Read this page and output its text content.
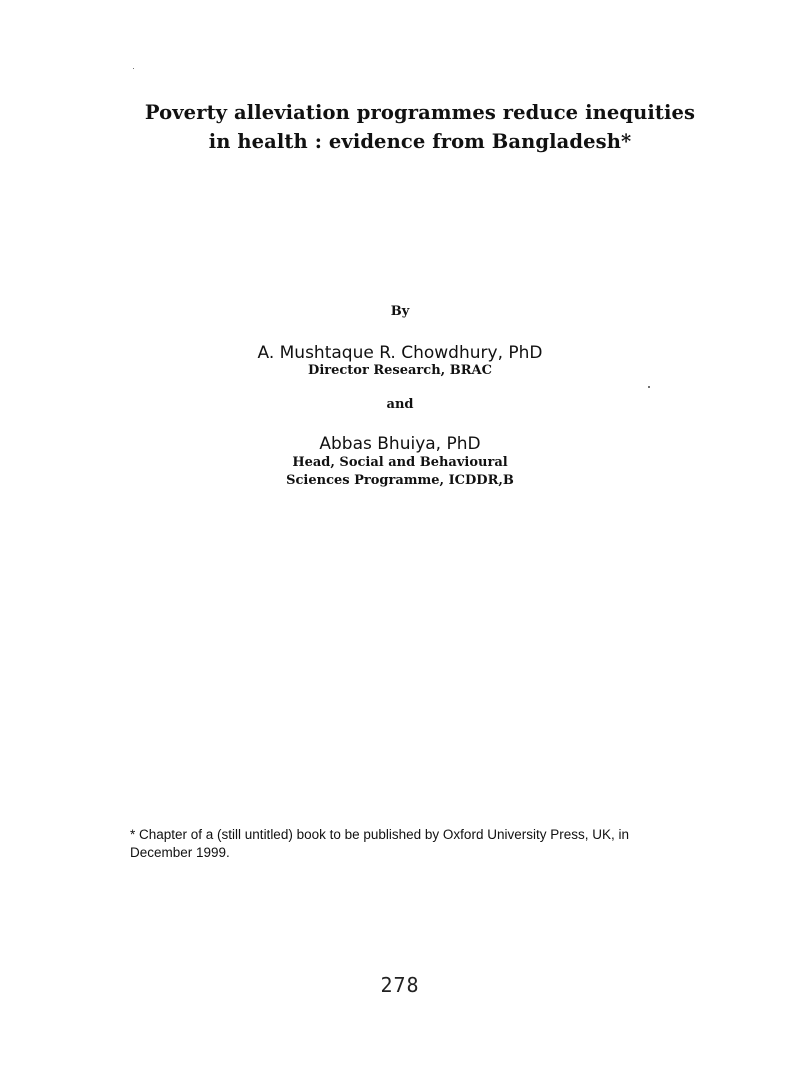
Poverty alleviation programmes reduce inequities
in health : evidence from Bangladesh*
By
A. Mushtaque R. Chowdhury, PhD
Director Research, BRAC
and
Abbas Bhuiya, PhD
Head, Social and Behavioural
Sciences Programme, ICDDR,B
* Chapter of a (still untitled) book to be published by Oxford University Press, UK, in
December 1999.
278
